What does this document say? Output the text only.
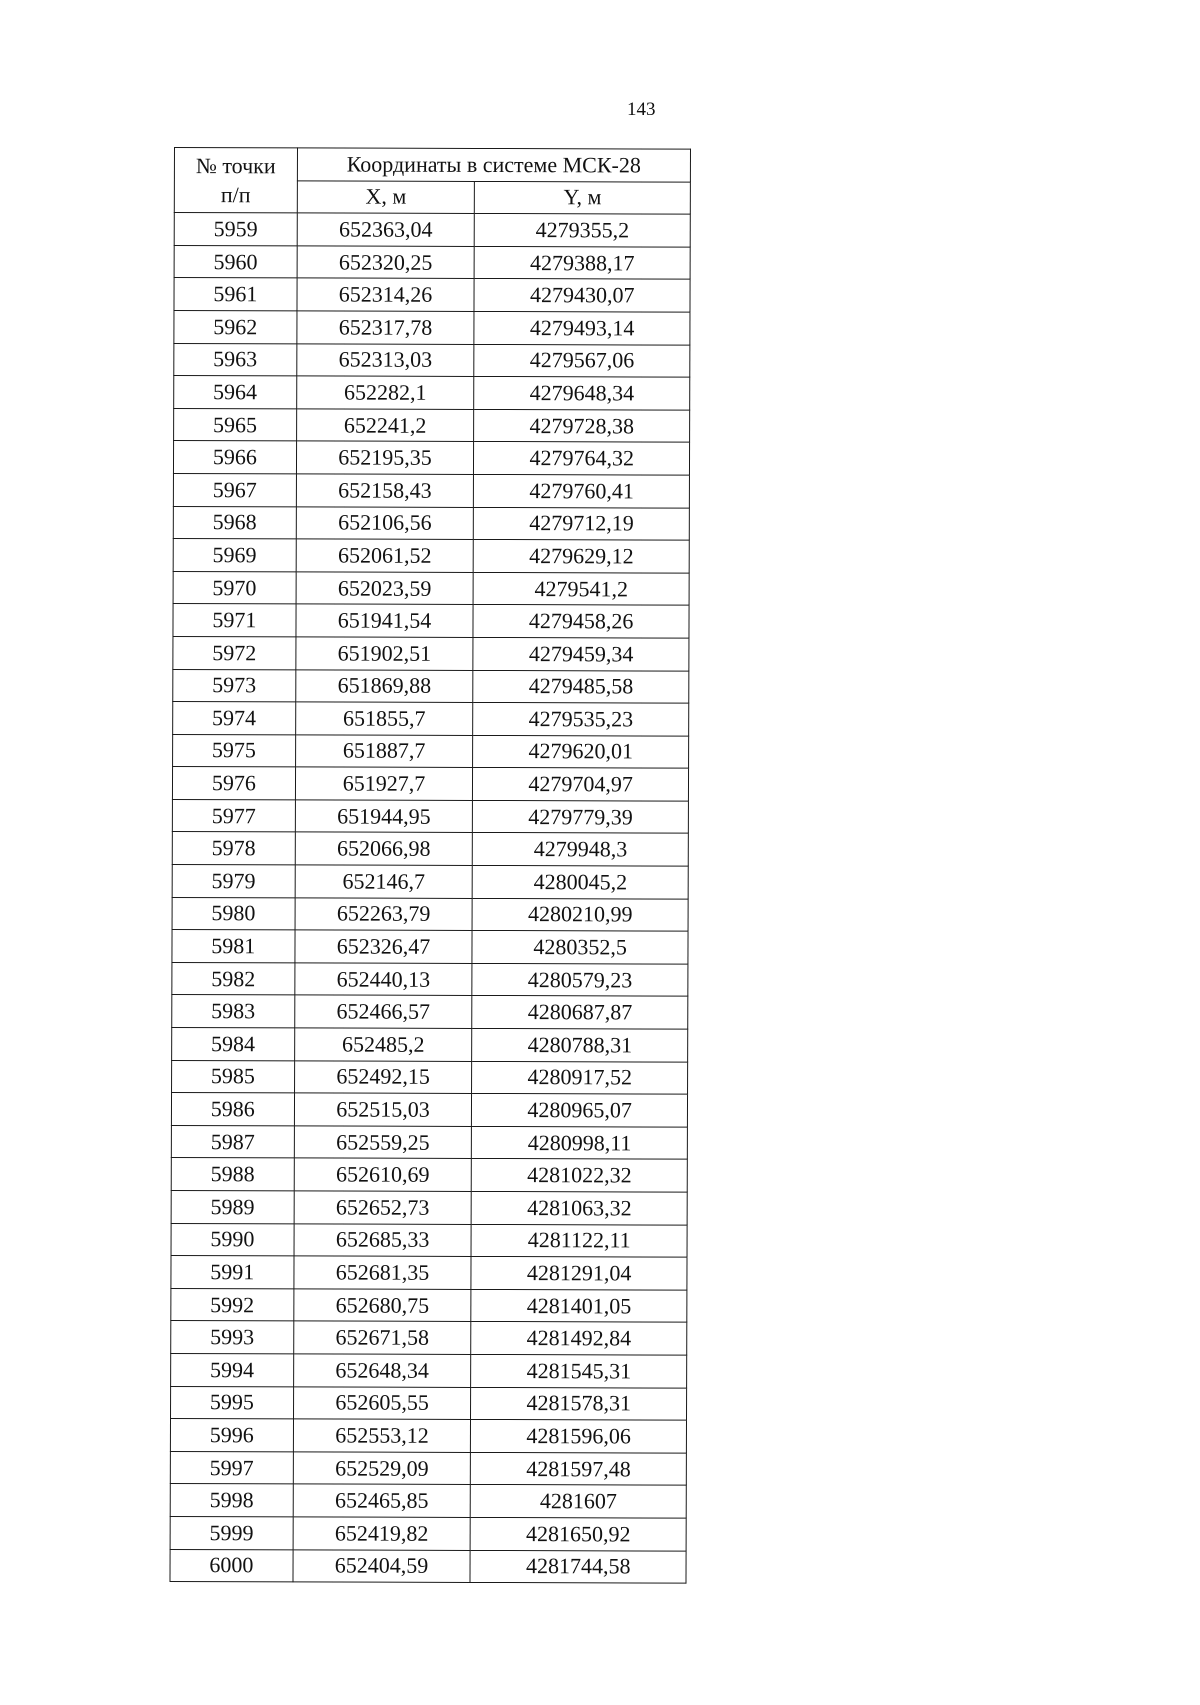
143
№ точки
п/п	Координаты в системе МСК-28	
	X, м	Y, м
5959	652363,04	4279355,2
5960	652320,25	4279388,17
5961	652314,26	4279430,07
5962	652317,78	4279493,14
5963	652313,03	4279567,06
5964	652282,1	4279648,34
5965	652241,2	4279728,38
5966	652195,35	4279764,32
5967	652158,43	4279760,41
5968	652106,56	4279712,19
5969	652061,52	4279629,12
5970	652023,59	4279541,2
5971	651941,54	4279458,26
5972	651902,51	4279459,34
5973	651869,88	4279485,58
5974	651855,7	4279535,23
5975	651887,7	4279620,01
5976	651927,7	4279704,97
5977	651944,95	4279779,39
5978	652066,98	4279948,3
5979	652146,7	4280045,2
5980	652263,79	4280210,99
5981	652326,47	4280352,5
5982	652440,13	4280579,23
5983	652466,57	4280687,87
5984	652485,2	4280788,31
5985	652492,15	4280917,52
5986	652515,03	4280965,07
5987	652559,25	4280998,11
5988	652610,69	4281022,32
5989	652652,73	4281063,32
5990	652685,33	4281122,11
5991	652681,35	4281291,04
5992	652680,75	4281401,05
5993	652671,58	4281492,84
5994	652648,34	4281545,31
5995	652605,55	4281578,31
5996	652553,12	4281596,06
5997	652529,09	4281597,48
5998	652465,85	4281607
5999	652419,82	4281650,92
6000	652404,59	4281744,58
